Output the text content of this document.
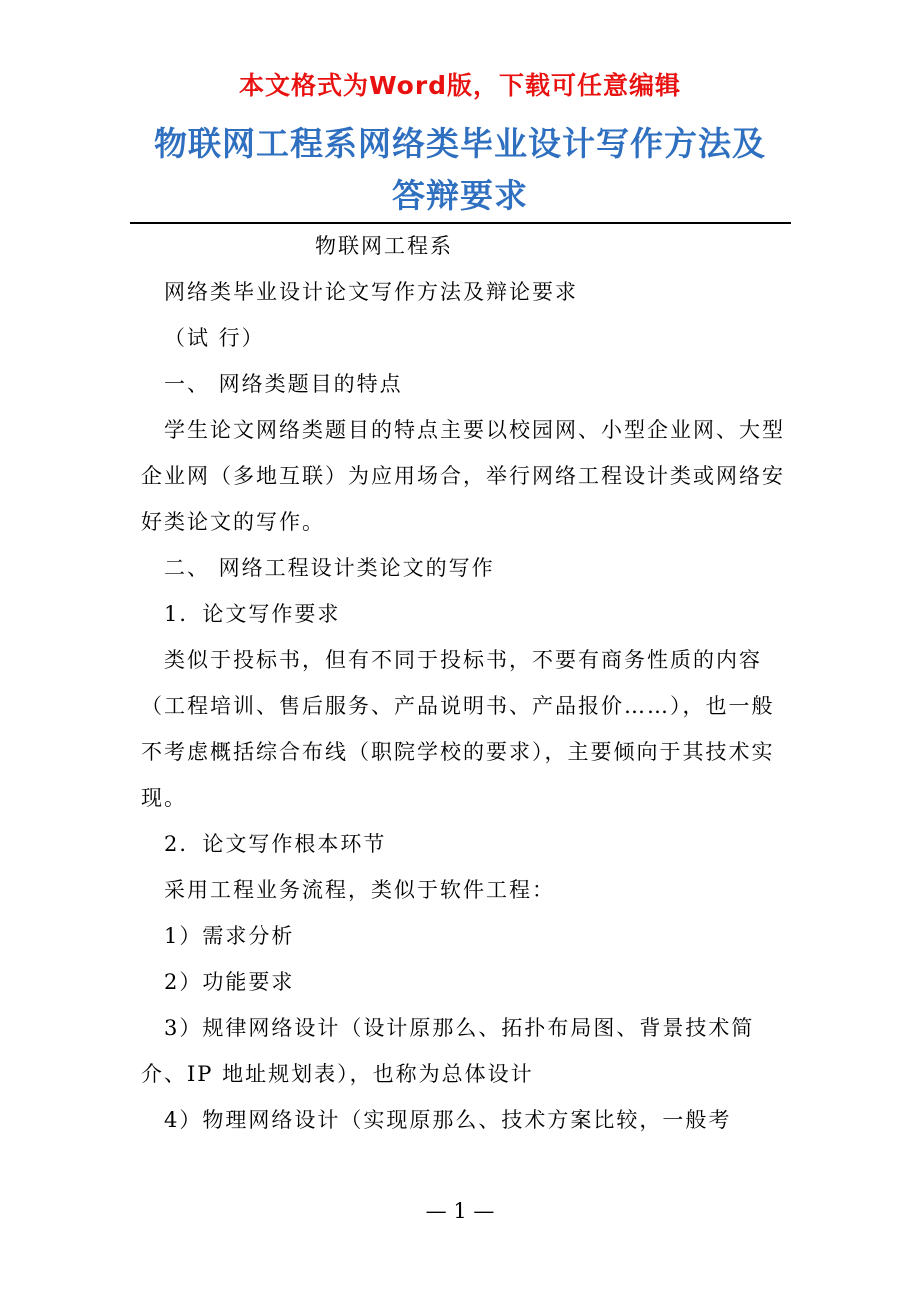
本文格式为Word版，下载可任意编辑
物联网工程系网络类毕业设计写作方法及
答辩要求

物联网工程系

网络类毕业设计论文写作方法及辩论要求

（试 行）

一、 网络类题目的特点

学生论文网络类题目的特点主要以校园网、小型企业网、大型企业网（多地互联）为应用场合，举行网络工程设计类或网络安好类论文的写作。

二、 网络工程设计类论文的写作

1．论文写作要求

类似于投标书，但有不同于投标书，不要有商务性质的内容（工程培训、售后服务、产品说明书、产品报价……），也一般不考虑概括综合布线（职院学校的要求），主要倾向于其技术实现。

2．论文写作根本环节

采用工程业务流程，类似于软件工程：

1）需求分析

2）功能要求

3）规律网络设计（设计原那么、拓扑布局图、背景技术简介、IP 地址规划表），也称为总体设计

4）物理网络设计（实现原那么、技术方案比较，一般考

— 1 —
